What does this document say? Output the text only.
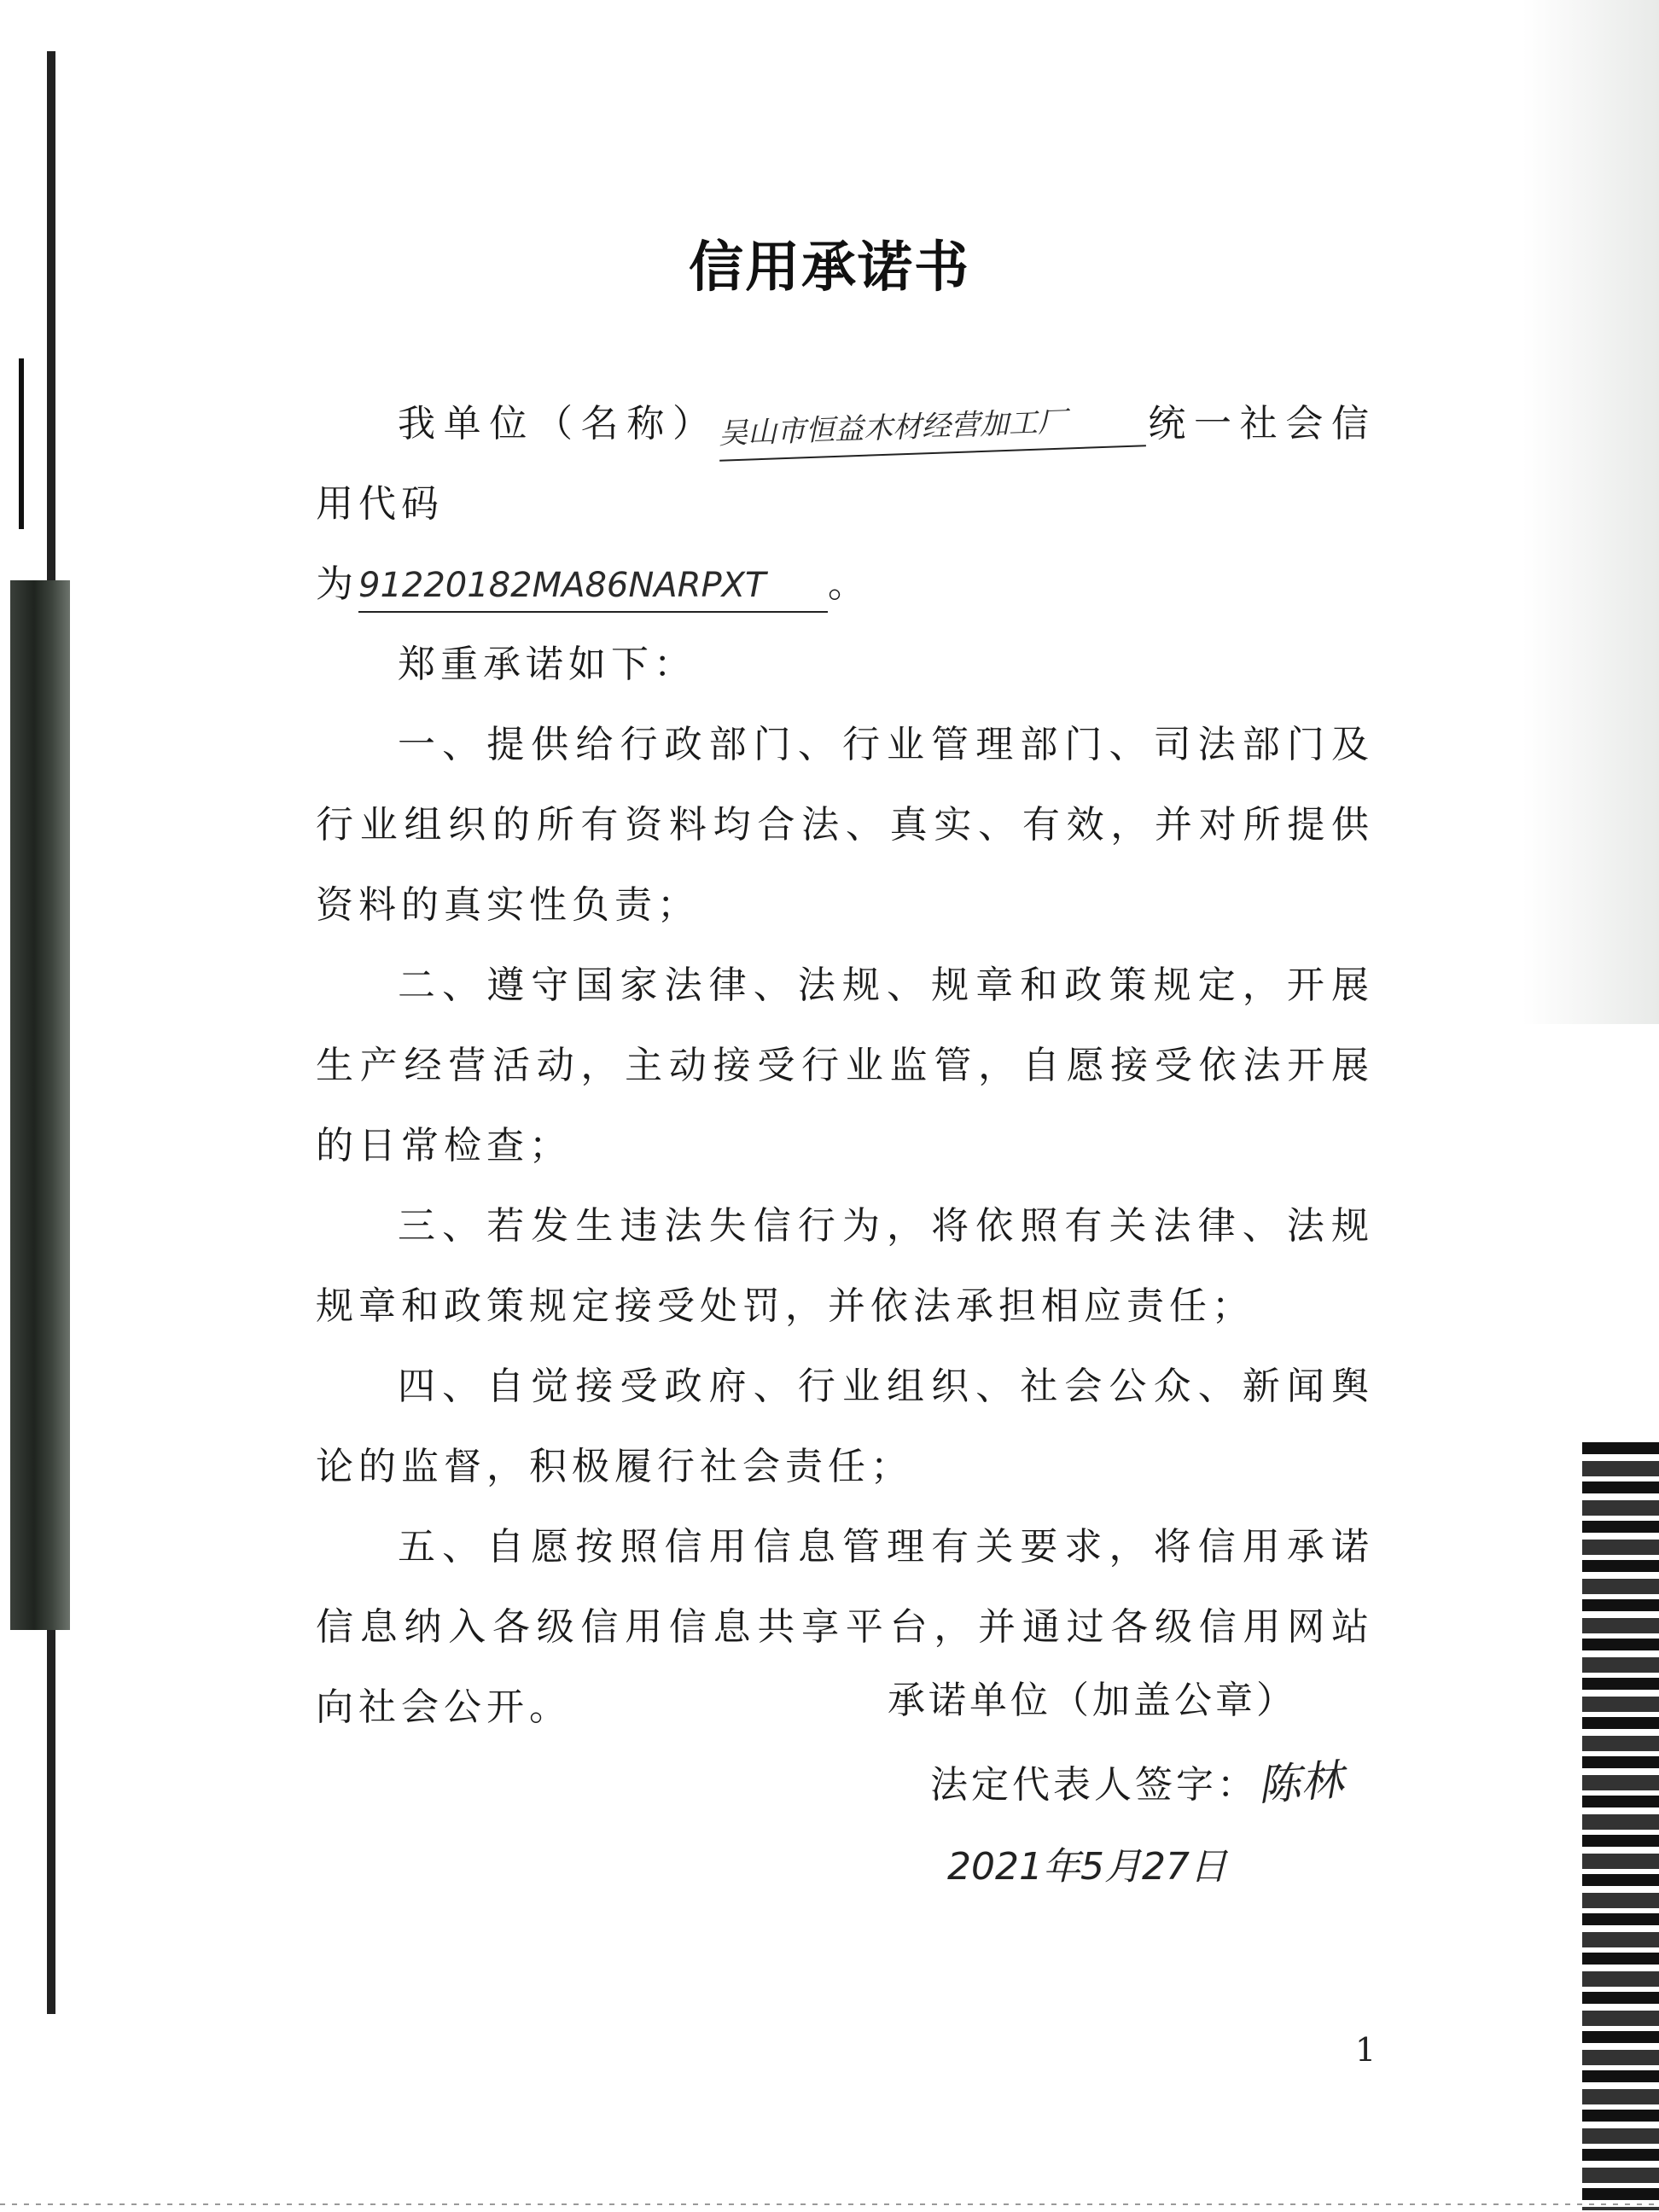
信用承诺书

我单位（名称）吴山市恒益木材经营加工厂 统一社会信用代码

为91220182MA86NARPXT 。

郑重承诺如下：

一、提供给行政部门、行业管理部门、司法部门及行业组织的所有资料均合法、真实、有效，并对所提供资料的真实性负责；

二、遵守国家法律、法规、规章和政策规定，开展生产经营活动，主动接受行业监管，自愿接受依法开展的日常检查；

三、若发生违法失信行为，将依照有关法律、法规规章和政策规定接受处罚，并依法承担相应责任；

四、自觉接受政府、行业组织、社会公众、新闻舆论的监督，积极履行社会责任；

五、自愿按照信用信息管理有关要求，将信用承诺信息纳入各级信用信息共享平台，并通过各级信用网站向社会公开。	承诺单位（加盖公章）
法定代表人签字：陈林
2021年5月27日
1
